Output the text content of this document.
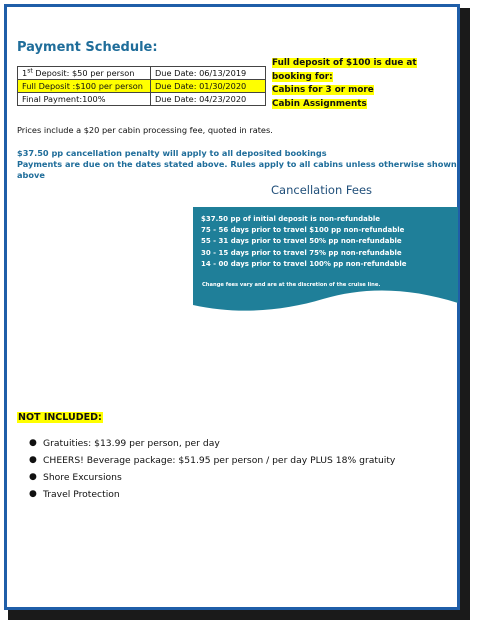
Payment Schedule:
1st Deposit: $50 per person	Due Date: 06/13/2019
Full Deposit :$100 per person	Due Date: 01/30/2020
Final Payment:100%	Due Date: 04/23/2020
Full deposit of $100 is due at booking for:
Cabins for 3 or more
Cabin Assignments
Prices include a $20 per cabin processing fee, quoted in rates.
$37.50 pp cancellation penalty will apply to all deposited bookings
Payments are due on the dates stated above. Rules apply to all cabins unless otherwise shown above
Cancellation Fees
$37.50 pp of initial deposit is non-refundable
75 - 56 days prior to travel $100 pp non-refundable
55 - 31 days prior to travel 50% pp non-refundable
30 - 15 days prior to travel 75% pp non-refundable
14 - 00 days prior to travel 100% pp non-refundable
Change fees vary and are at the discretion of the cruise line.
NOT INCLUDED:
● Gratuities: $13.99 per person, per day
● CHEERS! Beverage package: $51.95 per person / per day PLUS 18% gratuity
● Shore Excursions
● Travel Protection
